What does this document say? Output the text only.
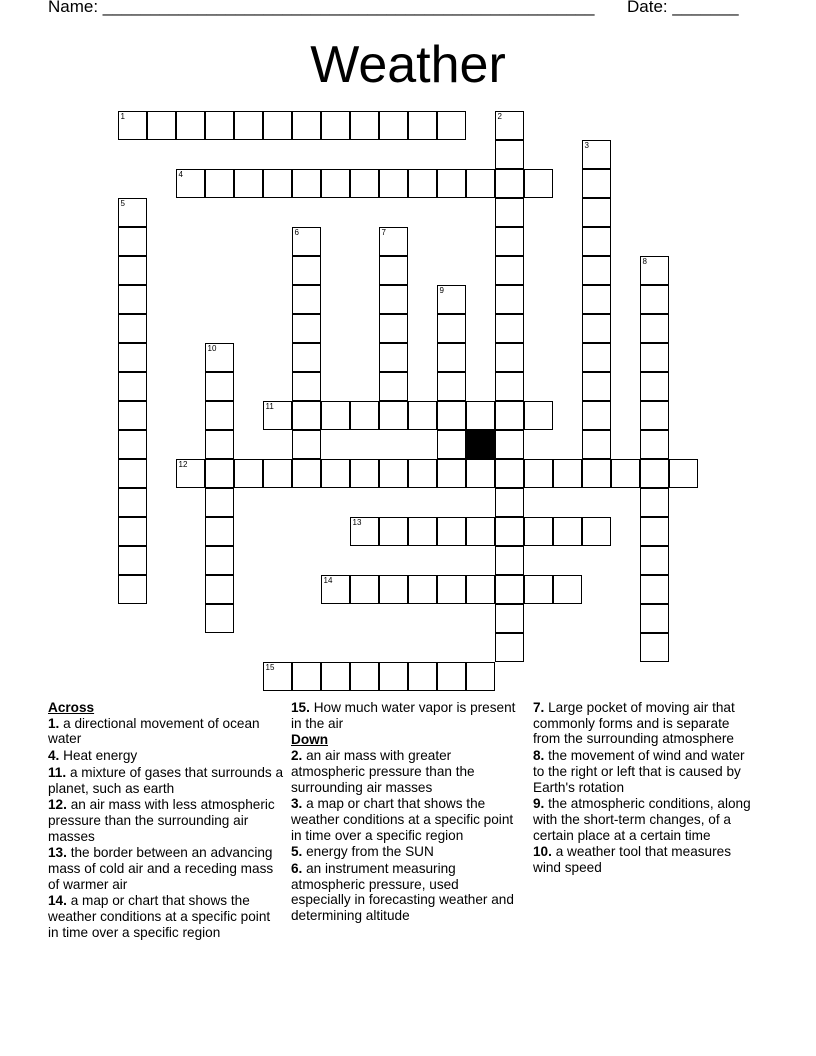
Name: ____________________________________________________ Date: _______
Weather
1
4
11
12
13
14
15
2
3
5
6	7
8
9
10
Across
1. a directional movement of ocean water
4. Heat energy
11. a mixture of gases that surrounds a planet, such as earth
12. an air mass with less atmospheric pressure than the surrounding air masses
13. the border between an advancing mass of cold air and a receding mass of warmer air
14. a map or chart that shows the weather conditions at a specific point in time over a specific region
15. How much water vapor is present in the air
Down
2. an air mass with greater atmospheric pressure than the surrounding air masses
3. a map or chart that shows the weather conditions at a specific point in time over a specific region
5. energy from the SUN
6. an instrument measuring atmospheric pressure, used especially in forecasting weather and determining altitude
7. Large pocket of moving air that commonly forms and is separate from the surrounding atmosphere
8. the movement of wind and water to the right or left that is caused by Earth's rotation
9. the atmospheric conditions, along with the short-term changes, of a certain place at a certain time
10. a weather tool that measures wind speed
